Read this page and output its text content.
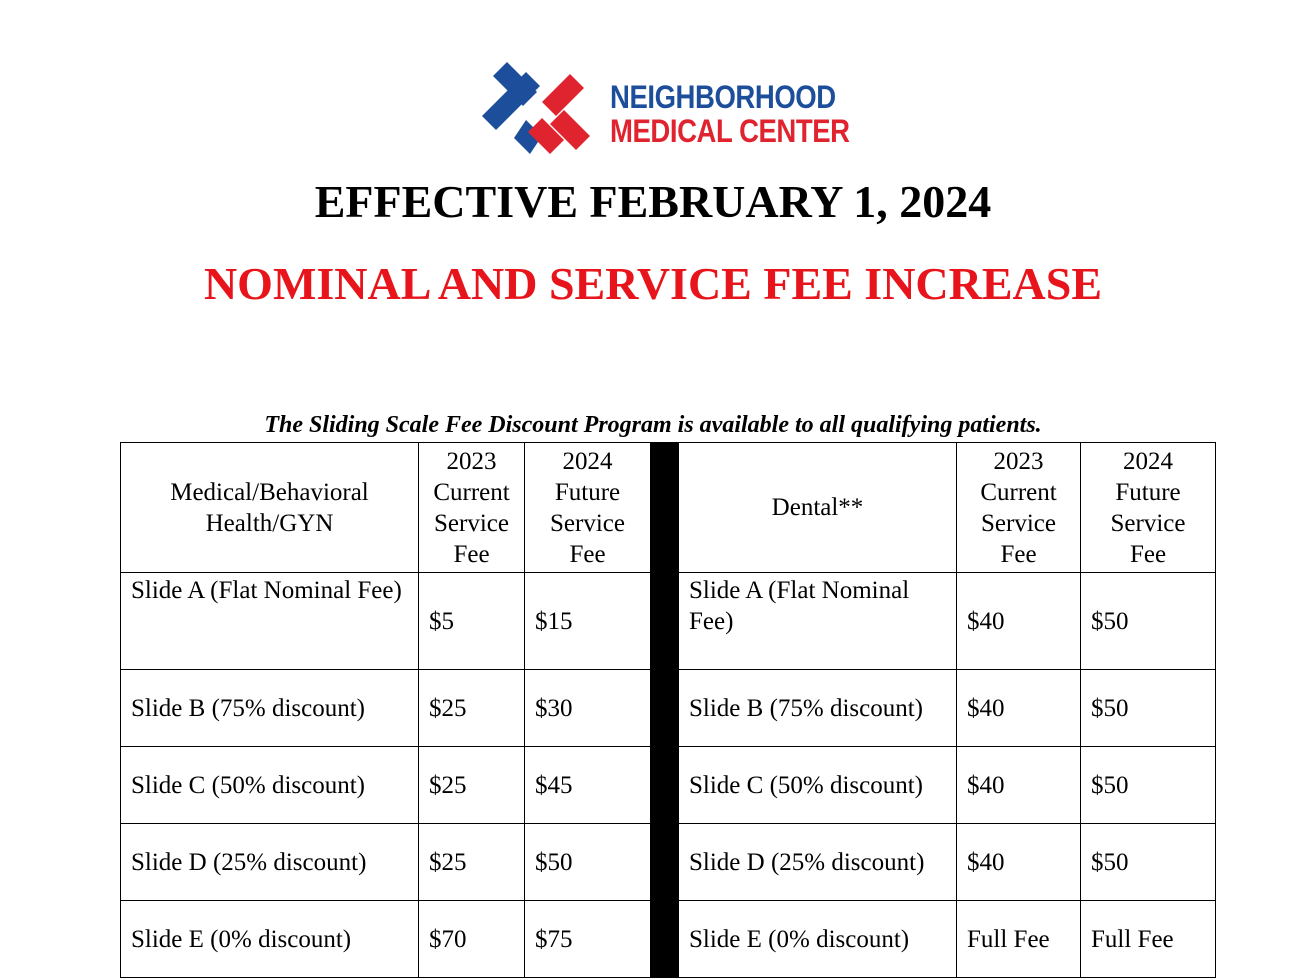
NEIGHBORHOOD
MEDICAL CENTER
EFFECTIVE FEBRUARY 1, 2024
NOMINAL AND SERVICE FEE INCREASE
The Sliding Scale Fee Discount Program is available to all qualifying patients.
Medical/Behavioral Health/GYN	2023
Current
Service
Fee	2024
Future
Service
Fee		Dental**	2023
Current
Service
Fee	2024
Future
Service
Fee
Slide A (Flat Nominal Fee)	$5	$15		Slide A (Flat Nominal Fee)	$40	$50
Slide B (75% discount)	$25	$30		Slide B (75% discount)	$40	$50
Slide C (50% discount)	$25	$45		Slide C (50% discount)	$40	$50
Slide D (25% discount)	$25	$50		Slide D (25% discount)	$40	$50
Slide E (0% discount)	$70	$75		Slide E (0% discount)	Full Fee	Full Fee
